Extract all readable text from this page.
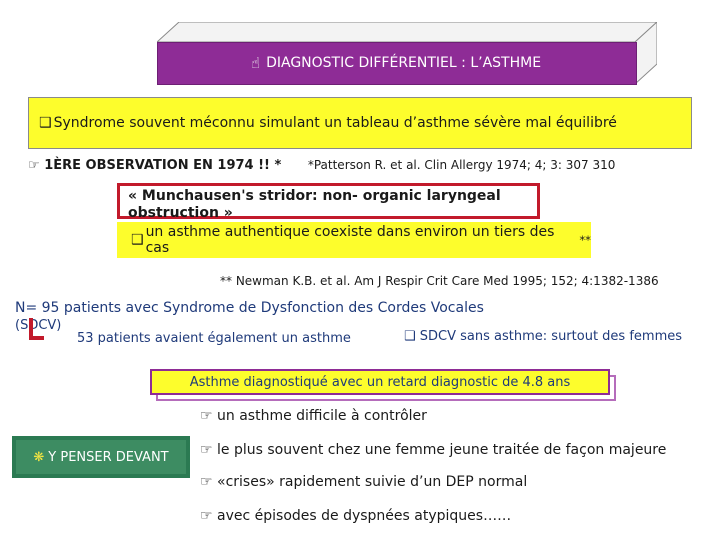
☝ DIAGNOSTIC DIFFÉRENTIEL : L’ASTHME
❑ Syndrome souvent méconnu simulant un tableau d’asthme sévère mal équilibré
☞ 1ÈRE OBSERVATION EN 1974 !! * *Patterson R. et al. Clin Allergy 1974; 4; 3: 307 310
« Munchausen's stridor: non- organic laryngeal obstruction »
❑ un asthme authentique coexiste dans environ un tiers des cas	**
** Newman K.B. et al. Am J Respir Crit Care Med 1995; 152; 4:1382-1386
N= 95 patients avec Syndrome de Dysfonction des Cordes Vocales
(SDCV)
53 patients avaient également un asthme	❑ SDCV sans asthme: surtout des femmes
Asthme diagnostiqué avec un retard diagnostic de 4.8 ans
❋ Y PENSER DEVANT
☞ un asthme difficile à contrôler
☞ le plus souvent chez une femme jeune traitée de façon majeure
☞ «crises» rapidement suivie d’un DEP normal
☞ avec épisodes de dyspnées atypiques……
